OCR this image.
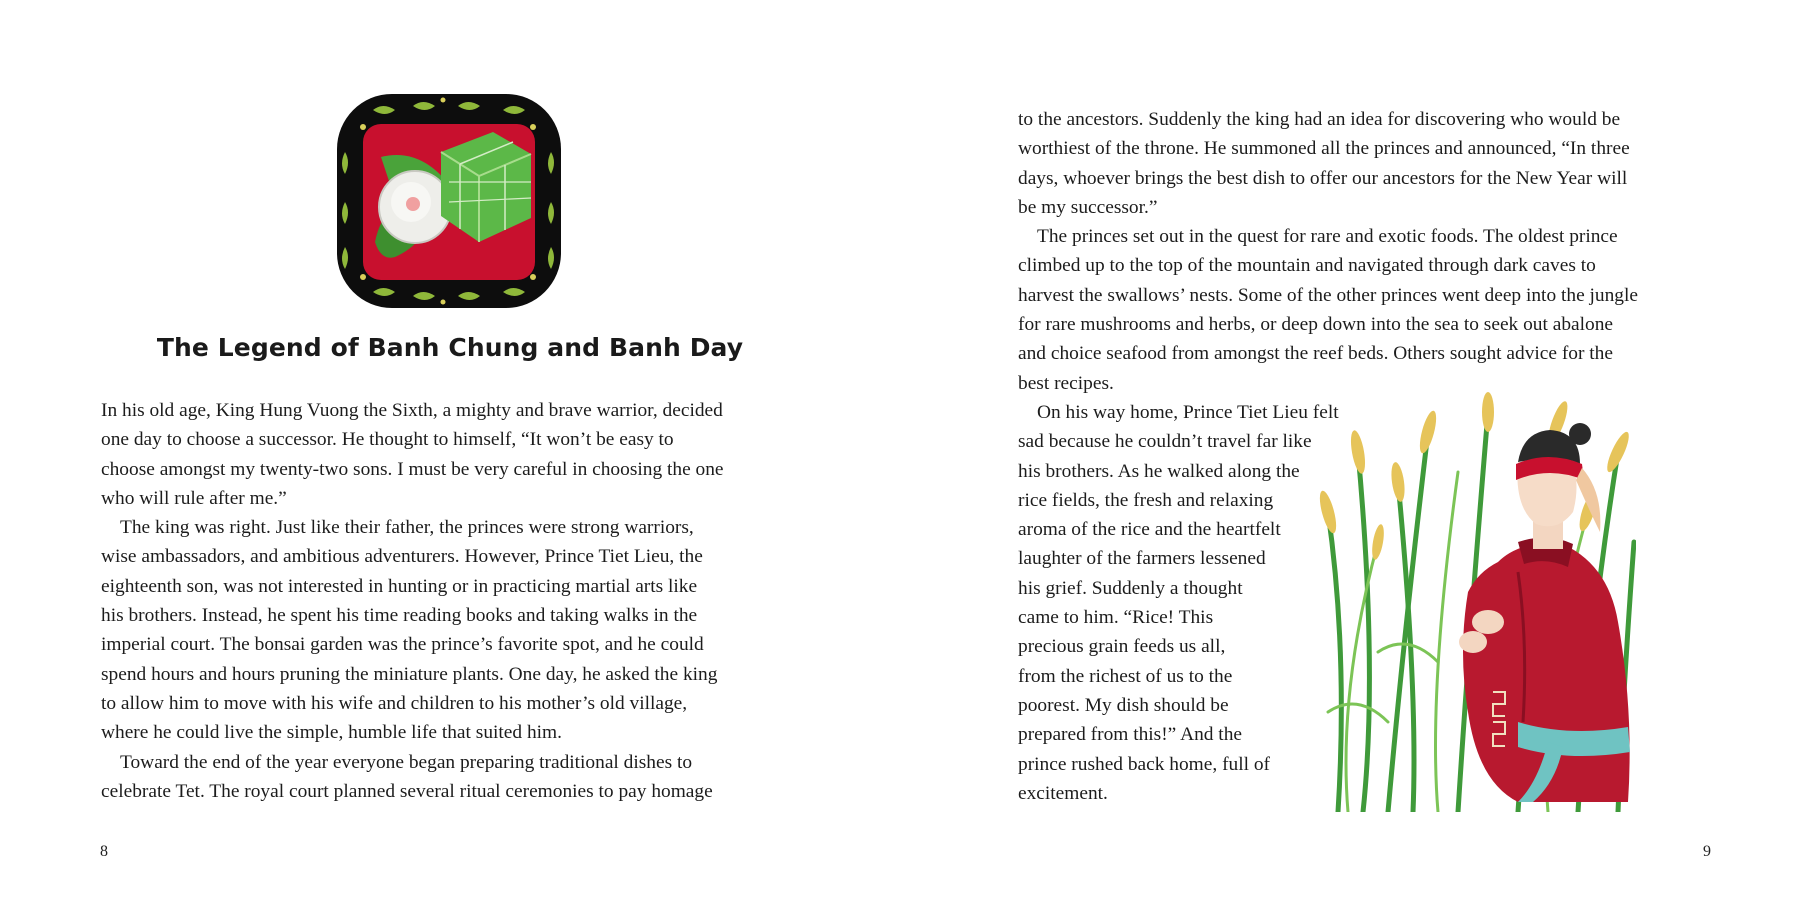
The Legend of Banh Chung and Banh Day
In his old age, King Hung Vuong the Sixth, a mighty and brave warrior, decided
one day to choose a successor. He thought to himself, “It won’t be easy to
choose amongst my twenty-two sons. I must be very careful in choosing the one
who will rule after me.”
The king was right. Just like their father, the princes were strong warriors,
wise ambassadors, and ambitious adventurers. However, Prince Tiet Lieu, the
eighteenth son, was not interested in hunting or in practicing martial arts like
his brothers. Instead, he spent his time reading books and taking walks in the
imperial court. The bonsai garden was the prince’s favorite spot, and he could
spend hours and hours pruning the miniature plants. One day, he asked the king
to allow him to move with his wife and children to his mother’s old village,
where he could live the simple, humble life that suited him.
Toward the end of the year everyone began preparing traditional dishes to
celebrate Tet. The royal court planned several ritual ceremonies to pay homage
8
to the ancestors. Suddenly the king had an idea for discovering who would be
worthiest of the throne. He summoned all the princes and announced, “In three
days, whoever brings the best dish to offer our ancestors for the New Year will
be my successor.”
The princes set out in the quest for rare and exotic foods. The oldest prince
climbed up to the top of the mountain and navigated through dark caves to
harvest the swallows’ nests. Some of the other princes went deep into the jungle
for rare mushrooms and herbs, or deep down into the sea to seek out abalone
and choice seafood from amongst the reef beds. Others sought advice for the
best recipes.
On his way home, Prince Tiet Lieu felt
sad because he couldn’t travel far like
his brothers. As he walked along the
rice fields, the fresh and relaxing
aroma of the rice and the heartfelt
laughter of the farmers lessened
his grief. Suddenly a thought
came to him. “Rice! This
precious grain feeds us all,
from the richest of us to the
poorest. My dish should be
prepared from this!” And the
prince rushed back home, full of
excitement.
9
